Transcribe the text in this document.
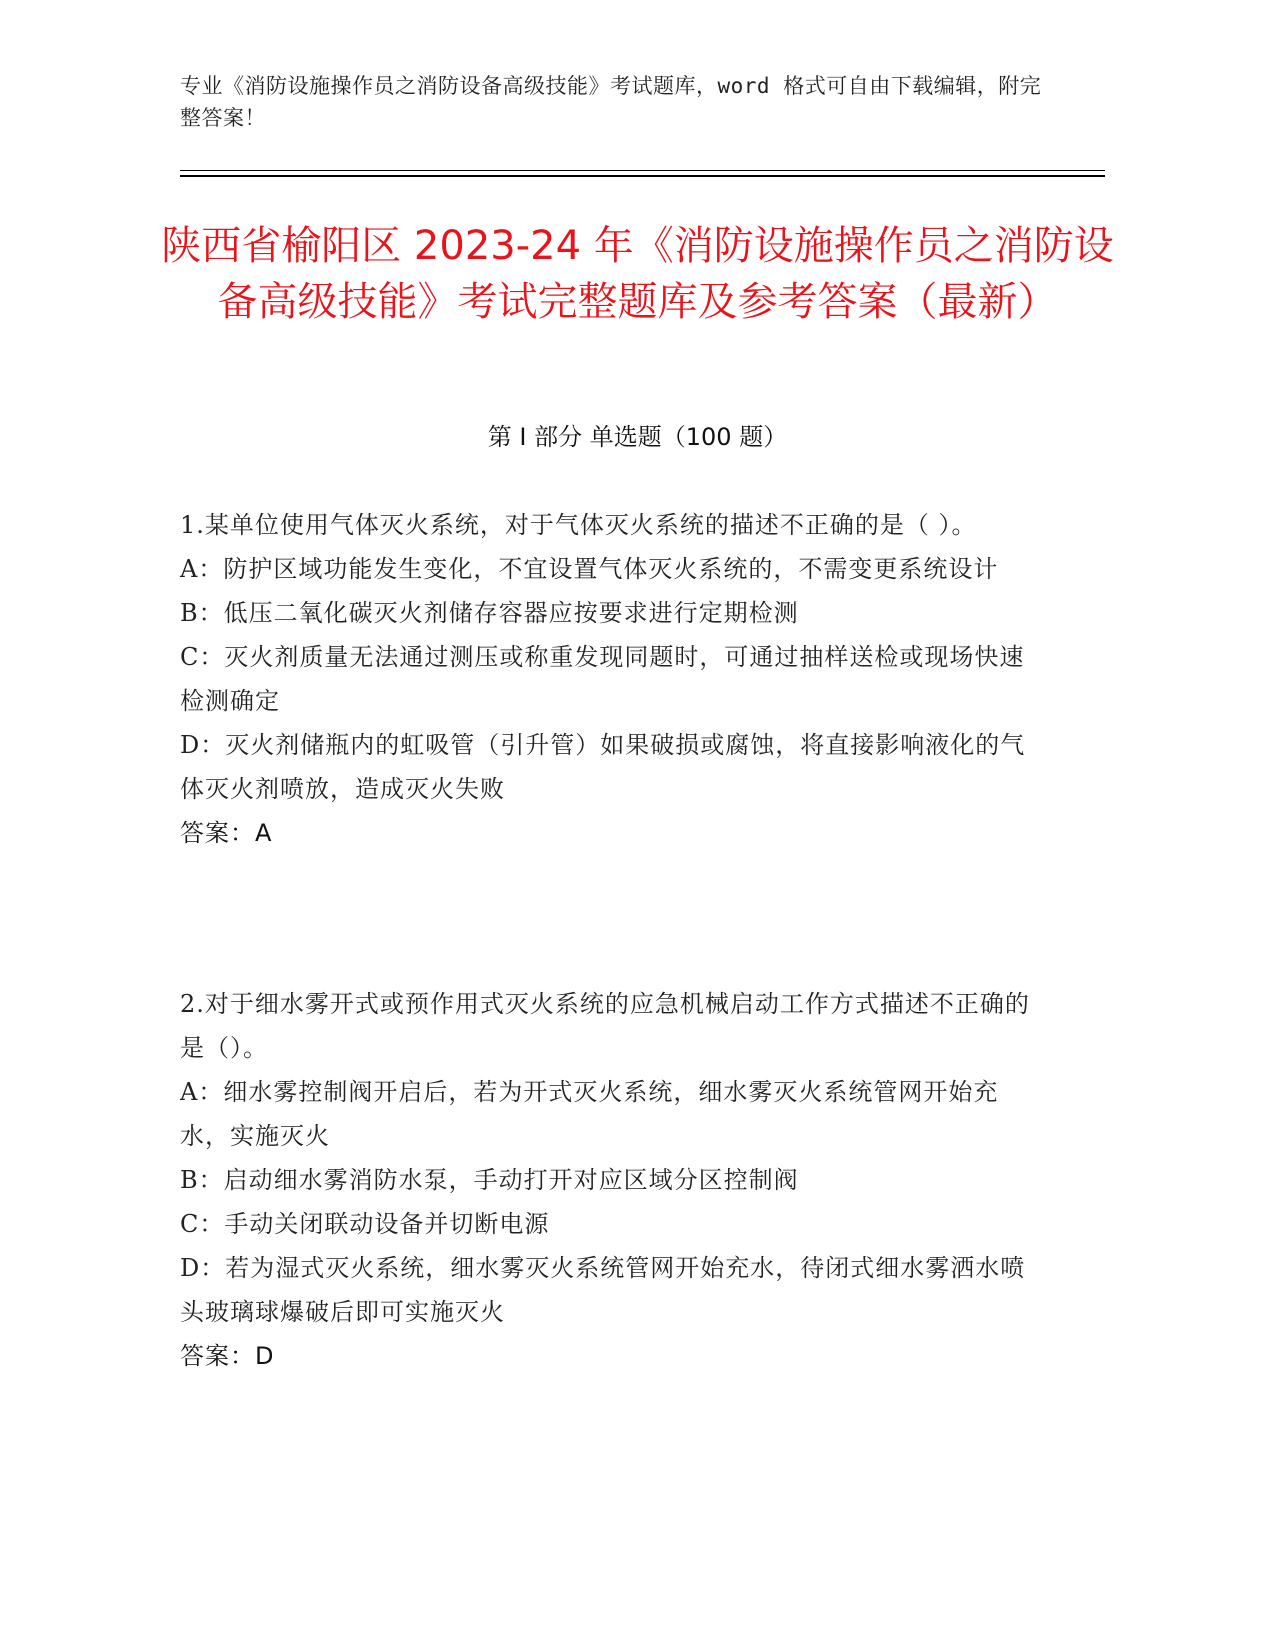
专业《消防设施操作员之消防设备高级技能》考试题库，word 格式可自由下载编辑，附完整答案！
陕西省榆阳区 2023-24 年《消防设施操作员之消防设备高级技能》考试完整题库及参考答案（最新）
第 I 部分 单选题（100 题）

1.某单位使用气体灭火系统，对于气体灭火系统的描述不正确的是（ ）。

A：防护区域功能发生变化，不宜设置气体灭火系统的，不需变更系统设计

B：低压二氧化碳灭火剂储存容器应按要求进行定期检测

C：灭火剂质量无法通过测压或称重发现同题时，可通过抽样送检或现场快速检测确定

D：灭火剂储瓶内的虹吸管（引升管）如果破损或腐蚀，将直接影响液化的气体灭火剂喷放，造成灭火失败

答案：A

2.对于细水雾开式或预作用式灭火系统的应急机械启动工作方式描述不正确的是（）。

A：细水雾控制阀开启后，若为开式灭火系统，细水雾灭火系统管网开始充水，实施灭火

B：启动细水雾消防水泵，手动打开对应区域分区控制阀

C：手动关闭联动设备并切断电源

D：若为湿式灭火系统，细水雾灭火系统管网开始充水，待闭式细水雾洒水喷头玻璃球爆破后即可实施灭火

答案：D
